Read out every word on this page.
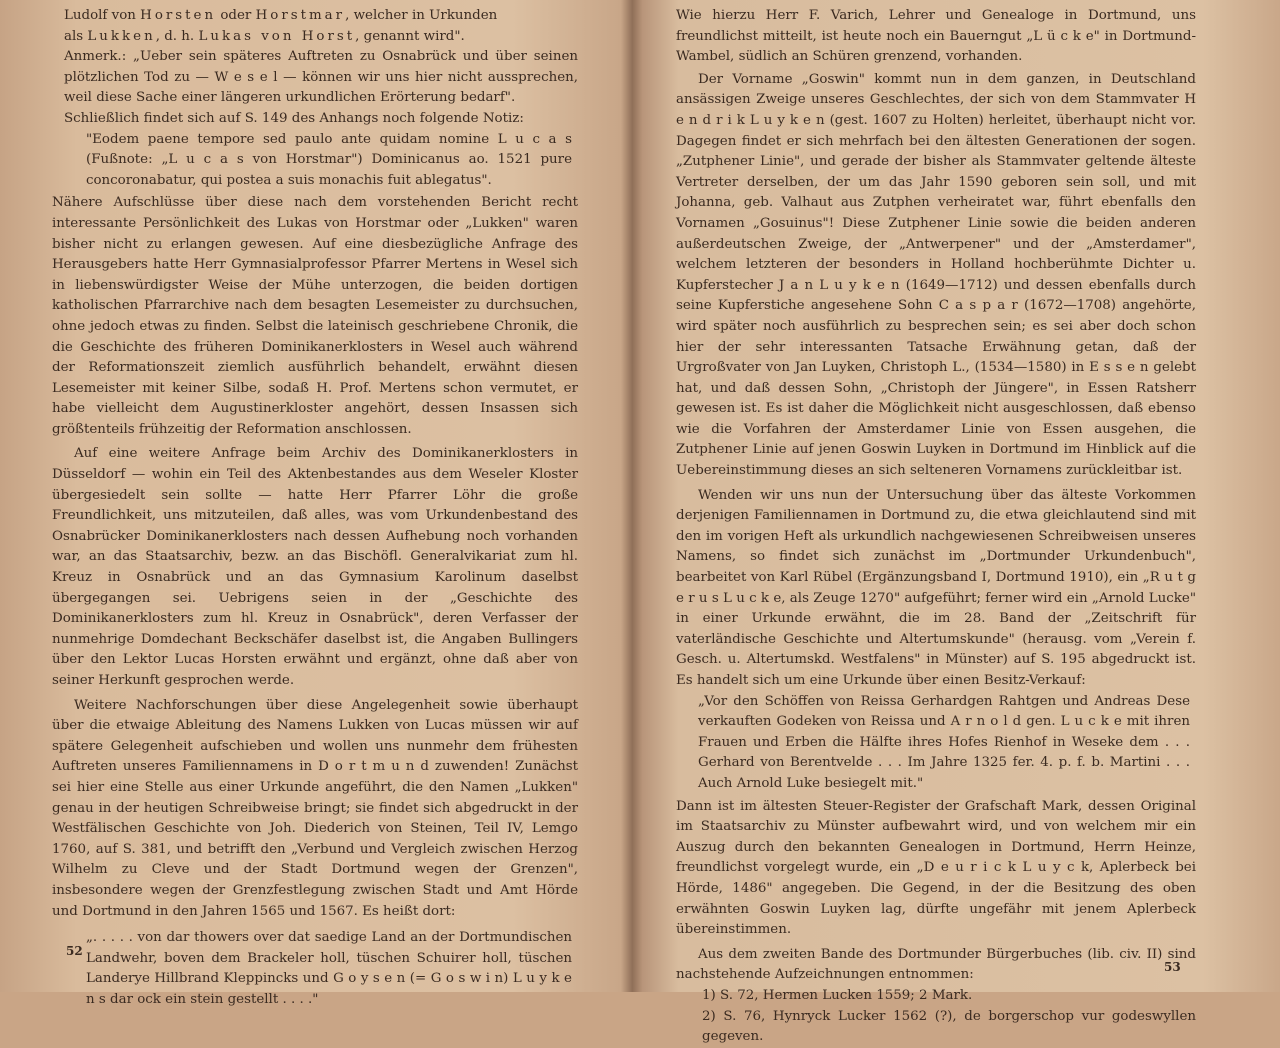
Ludolf von Horsten oder Horstmar, welcher in Urkunden

als Lukken, d. h. Lukas von Horst, genannt wird".

Anmerk.: „Ueber sein späteres Auftreten zu Osnabrück und über seinen plötzlichen Tod zu — W e s e l — können wir uns hier nicht aussprechen, weil diese Sache einer längeren urkundlichen Erörterung bedarf".

Schließlich findet sich auf S. 149 des Anhangs noch folgende Notiz:

"Eodem paene tempore sed paulo ante quidam nomine L u c a s (Fußnote: „L u c a s von Horstmar") Dominicanus ao. 1521 pure concoronabatur, qui postea a suis monachis fuit ablegatus".

Nähere Aufschlüsse über diese nach dem vorstehenden Bericht recht interessante Persönlichkeit des Lukas von Horstmar oder „Lukken" waren bisher nicht zu erlangen gewesen. Auf eine diesbezügliche Anfrage des Herausgebers hatte Herr Gymnasialprofessor Pfarrer Mertens in Wesel sich in liebenswürdigster Weise der Mühe unterzogen, die beiden dortigen katholischen Pfarrarchive nach dem besagten Lesemeister zu durchsuchen, ohne jedoch etwas zu finden. Selbst die lateinisch geschriebene Chronik, die die Geschichte des früheren Dominikanerklosters in Wesel auch während der Reformationszeit ziemlich ausführlich behandelt, erwähnt diesen Lesemeister mit keiner Silbe, sodaß H. Prof. Mertens schon vermutet, er habe vielleicht dem Augustinerkloster angehört, dessen Insassen sich größtenteils frühzeitig der Reformation anschlossen.

Auf eine weitere Anfrage beim Archiv des Dominikanerklosters in Düsseldorf — wohin ein Teil des Aktenbestandes aus dem Weseler Kloster übergesiedelt sein sollte — hatte Herr Pfarrer Löhr die große Freundlichkeit, uns mitzuteilen, daß alles, was vom Urkundenbestand des Osnabrücker Dominikanerklosters nach dessen Aufhebung noch vorhanden war, an das Staatsarchiv, bezw. an das Bischöfl. Generalvikariat zum hl. Kreuz in Osnabrück und an das Gymnasium Karolinum daselbst übergegangen sei. Uebrigens seien in der „Geschichte des Dominikanerklosters zum hl. Kreuz in Osnabrück", deren Verfasser der nunmehrige Domdechant Beckschäfer daselbst ist, die Angaben Bullingers über den Lektor Lucas Horsten erwähnt und ergänzt, ohne daß aber von seiner Herkunft gesprochen werde.

Weitere Nachforschungen über diese Angelegenheit sowie überhaupt über die etwaige Ableitung des Namens Lukken von Lucas müssen wir auf spätere Gelegenheit aufschieben und wollen uns nunmehr dem frühesten Auftreten unseres Familiennamens in D o r t m u n d zuwenden! Zunächst sei hier eine Stelle aus einer Urkunde angeführt, die den Namen „Lukken" genau in der heutigen Schreibweise bringt; sie findet sich abgedruckt in der Westfälischen Geschichte von Joh. Diederich von Steinen, Teil IV, Lemgo 1760, auf S. 381, und betrifft den „Verbund und Vergleich zwischen Herzog Wilhelm zu Cleve und der Stadt Dortmund wegen der Grenzen", insbesondere wegen der Grenzfestlegung zwischen Stadt und Amt Hörde und Dortmund in den Jahren 1565 und 1567. Es heißt dort:

„. . . . . von dar thowers over dat saedige Land an der Dortmundischen Landwehr, boven dem Brackeler holl, tüschen Schuirer holl, tüschen Landerye Hillbrand Kleppincks und G o y s e n (= G o s w i n) L u y k e n s dar ock ein stein gestellt . . . ."

52

Wie hierzu Herr F. Varich, Lehrer und Genealoge in Dortmund, uns freundlichst mitteilt, ist heute noch ein Bauerngut „L ü c k e" in Dortmund-Wambel, südlich an Schüren grenzend, vorhanden.

Der Vorname „Goswin" kommt nun in dem ganzen, in Deutschland ansässigen Zweige unseres Geschlechtes, der sich von dem Stammvater H e n d r i k L u y k e n (gest. 1607 zu Holten) herleitet, überhaupt nicht vor. Dagegen findet er sich mehrfach bei den ältesten Generationen der sogen. „Zutphener Linie", und gerade der bisher als Stammvater geltende älteste Vertreter derselben, der um das Jahr 1590 geboren sein soll, und mit Johanna, geb. Valhaut aus Zutphen verheiratet war, führt ebenfalls den Vornamen „Gosuinus"! Diese Zutphener Linie sowie die beiden anderen außerdeutschen Zweige, der „Antwerpener" und der „Amsterdamer", welchem letzteren der besonders in Holland hochberühmte Dichter u. Kupferstecher J a n L u y k e n (1649—1712) und dessen ebenfalls durch seine Kupferstiche angesehene Sohn C a s p a r (1672—1708) angehörte, wird später noch ausführlich zu besprechen sein; es sei aber doch schon hier der sehr interessanten Tatsache Erwähnung getan, daß der Urgroßvater von Jan Luyken, Christoph L., (1534—1580) in E s s e n gelebt hat, und daß dessen Sohn, „Christoph der Jüngere", in Essen Ratsherr gewesen ist. Es ist daher die Möglichkeit nicht ausgeschlossen, daß ebenso wie die Vorfahren der Amsterdamer Linie von Essen ausgehen, die Zutphener Linie auf jenen Goswin Luyken in Dortmund im Hinblick auf die Uebereinstimmung dieses an sich selteneren Vornamens zurückleitbar ist.

Wenden wir uns nun der Untersuchung über das älteste Vorkommen derjenigen Familiennamen in Dortmund zu, die etwa gleichlautend sind mit den im vorigen Heft als urkundlich nachgewiesenen Schreibweisen unseres Namens, so findet sich zunächst im „Dortmunder Urkundenbuch", bearbeitet von Karl Rübel (Ergänzungsband I, Dortmund 1910), ein „R u t g e r u s L u c k e, als Zeuge 1270" aufgeführt; ferner wird ein „Arnold Lucke" in einer Urkunde erwähnt, die im 28. Band der „Zeitschrift für vaterländische Geschichte und Altertumskunde" (herausg. vom „Verein f. Gesch. u. Altertumskd. Westfalens" in Münster) auf S. 195 abgedruckt ist. Es handelt sich um eine Urkunde über einen Besitz-Verkauf:

„Vor den Schöffen von Reissa Gerhardgen Rahtgen und Andreas Dese verkauften Godeken von Reissa und A r n o l d gen. L u c k e mit ihren Frauen und Erben die Hälfte ihres Hofes Rienhof in Weseke dem . . . Gerhard von Berentvelde . . . Im Jahre 1325 fer. 4. p. f. b. Martini . . . Auch Arnold Luke besiegelt mit."

Dann ist im ältesten Steuer-Register der Grafschaft Mark, dessen Original im Staatsarchiv zu Münster aufbewahrt wird, und von welchem mir ein Auszug durch den bekannten Genealogen in Dortmund, Herrn Heinze, freundlichst vorgelegt wurde, ein „D e u r i c k L u y c k, Aplerbeck bei Hörde, 1486" angegeben. Die Gegend, in der die Besitzung des oben erwähnten Goswin Luyken lag, dürfte ungefähr mit jenem Aplerbeck übereinstimmen.

Aus dem zweiten Bande des Dortmunder Bürgerbuches (lib. civ. II) sind nachstehende Aufzeichnungen entnommen:

1) S. 72, Hermen Lucken 1559; 2 Mark.

2) S. 76, Hynryck Lucker 1562 (?), de borgerschop vur godeswyllen gegeven.

53
